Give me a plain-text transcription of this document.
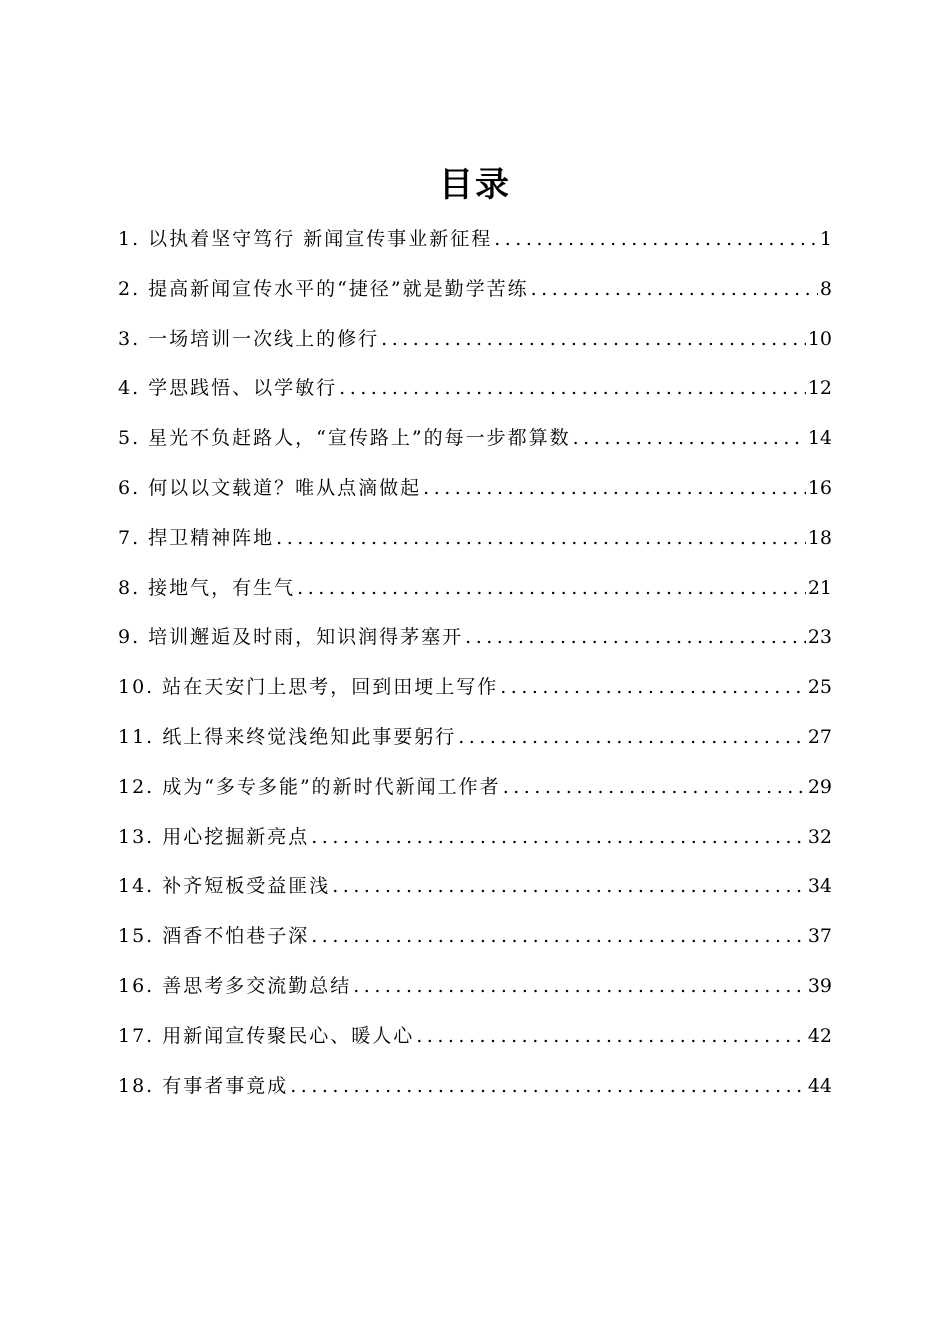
目录
1. 以执着坚守笃行 新闻宣传事业新征程 .....	1
2. 提高新闻宣传水平的“捷径”就是勤学苦练 .....	8
3. 一场培训一次线上的修行 .....	10
4. 学思践悟、以学敏行 .....	12
5. 星光不负赶路人，“宣传路上”的每一步都算数 .....	14
6. 何以以文载道？唯从点滴做起 .....	16
7. 捍卫精神阵地 .....	18
8. 接地气，有生气 .....	21
9. 培训邂逅及时雨，知识润得茅塞开 .....	23
10. 站在天安门上思考，回到田埂上写作 .....	25
11. 纸上得来终觉浅绝知此事要躬行 .....	27
12. 成为“多专多能”的新时代新闻工作者 .....	29
13. 用心挖掘新亮点 .....	32
14. 补齐短板受益匪浅 .....	34
15. 酒香不怕巷子深 .....	37
16. 善思考多交流勤总结 .....	39
17. 用新闻宣传聚民心、暖人心 .....	42
18. 有事者事竟成 .....	44
